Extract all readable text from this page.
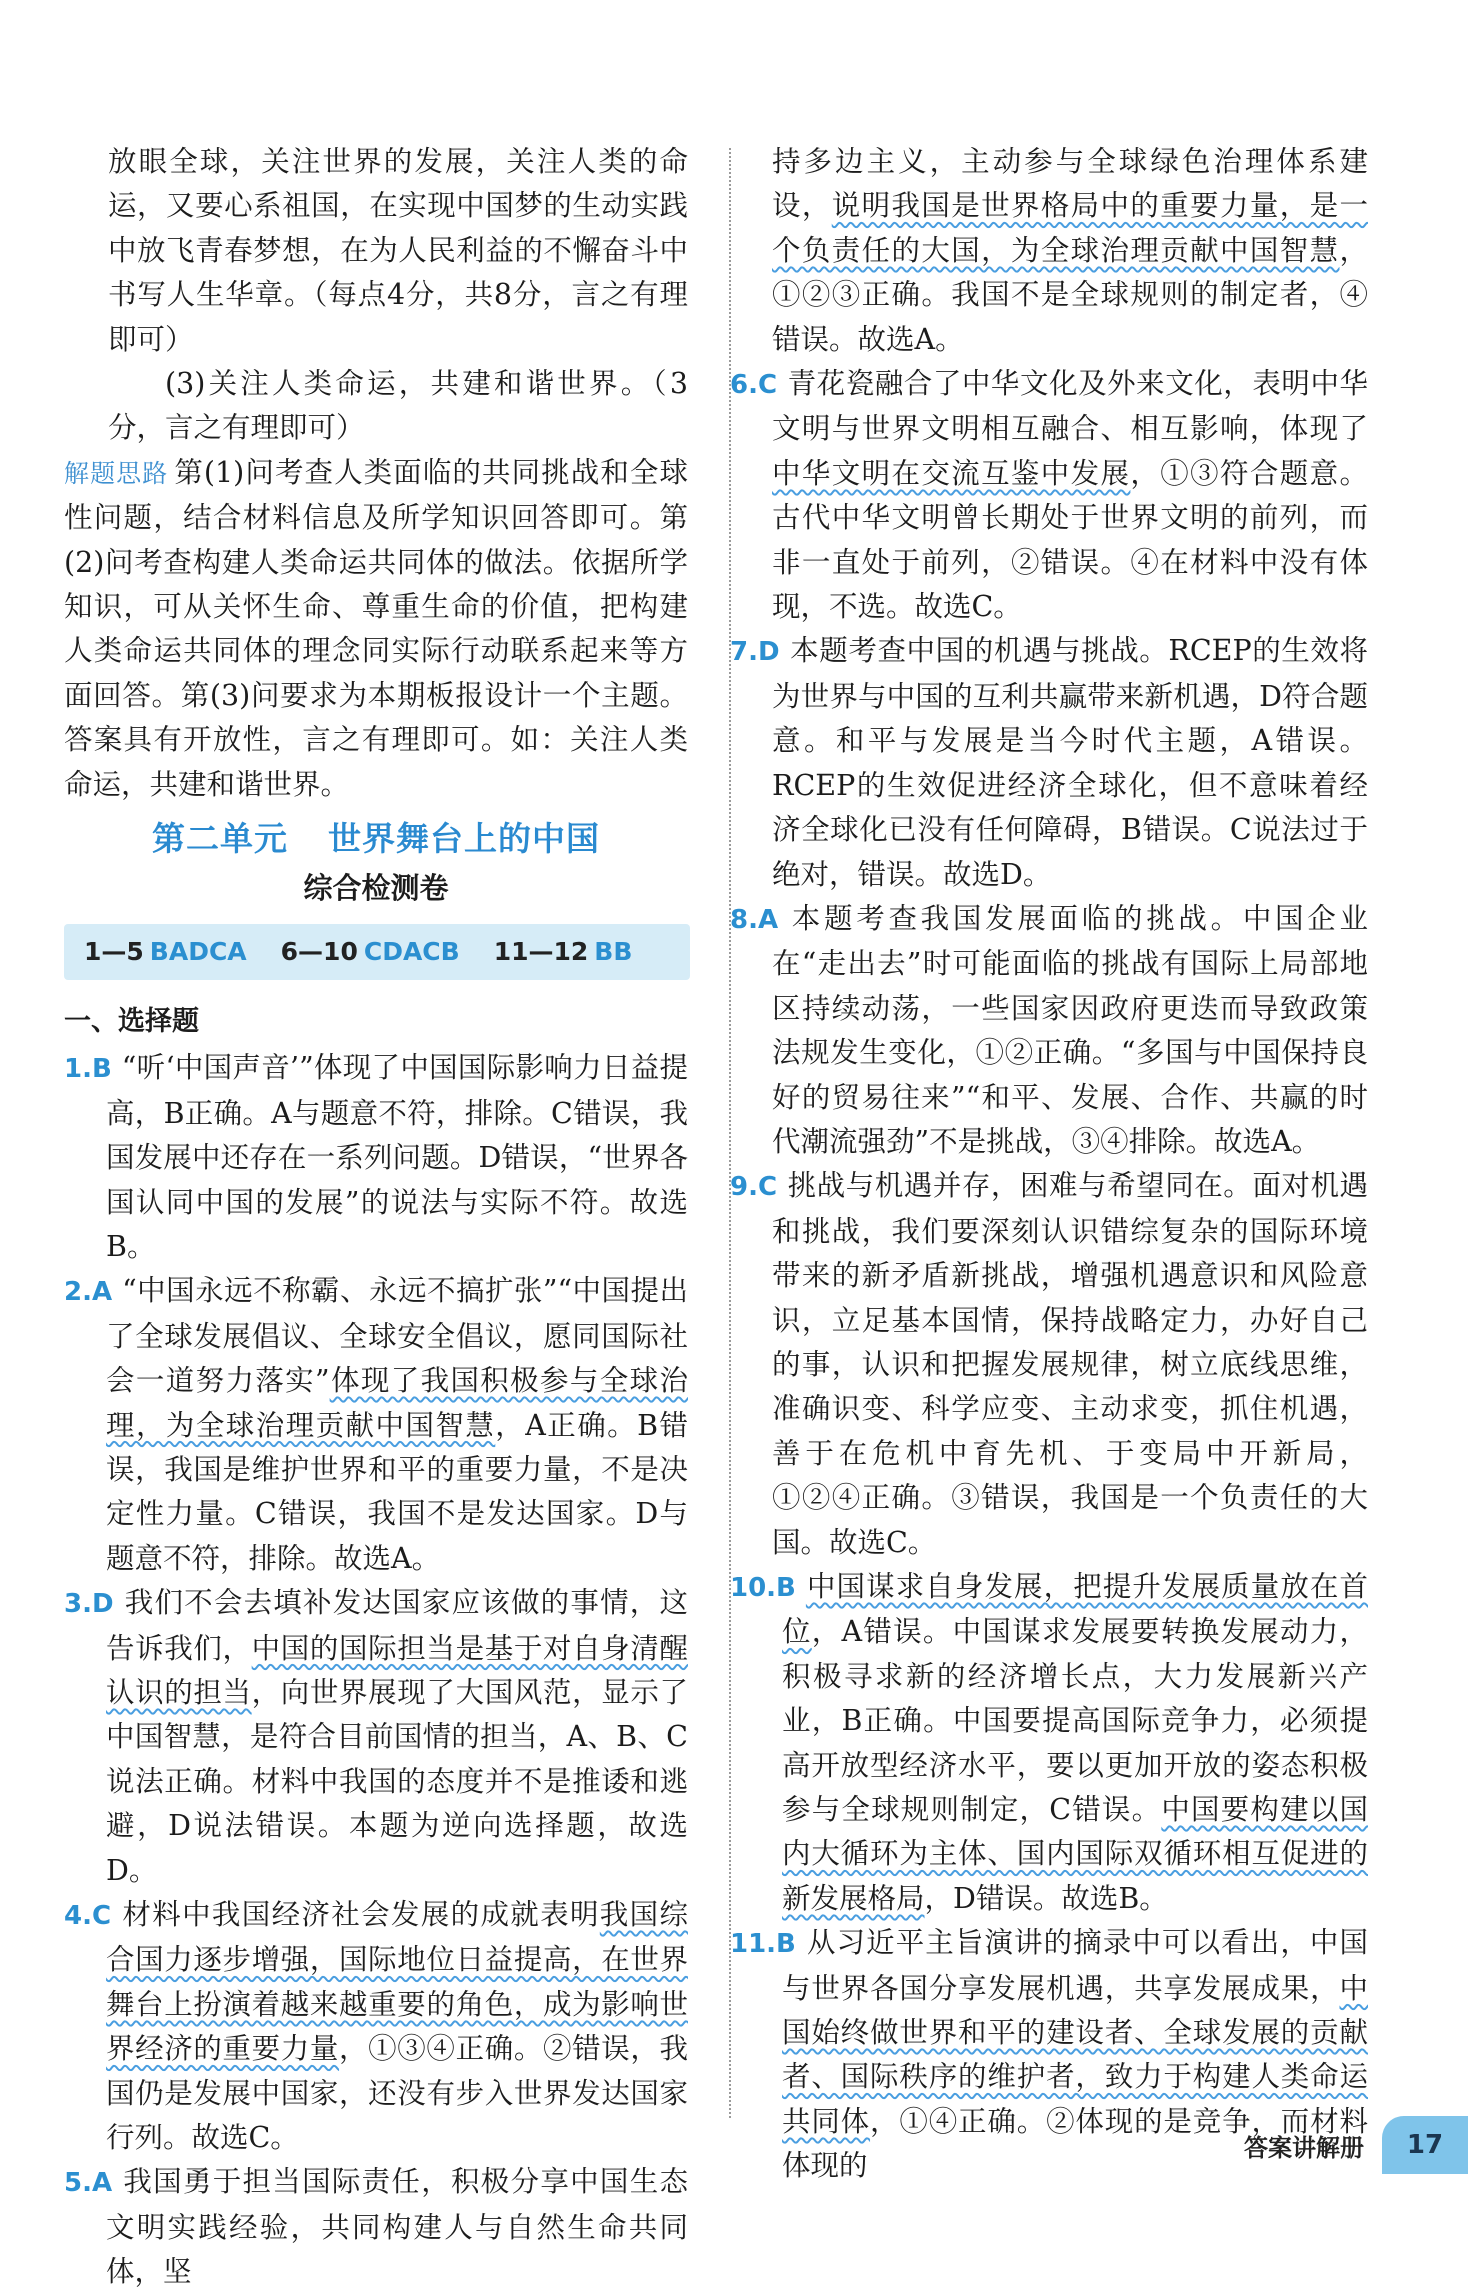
放眼全球，关注世界的发展，关注人类的命运，又要心系祖国，在实现中国梦的生动实践中放飞青春梦想，在为人民利益的不懈奋斗中书写人生华章。（每点4分，共8分，言之有理即可）

(3)关注人类命运，共建和谐世界。（3分，言之有理即可）

解题思路 第(1)问考查人类面临的共同挑战和全球性问题，结合材料信息及所学知识回答即可。第(2)问考查构建人类命运共同体的做法。依据所学知识，可从关怀生命、尊重生命的价值，把构建人类命运共同体的理念同实际行动联系起来等方面回答。第(3)问要求为本期板报设计一个主题。答案具有开放性，言之有理即可。如：关注人类命运，共建和谐世界。

第二单元 世界舞台上的中国
综合检测卷
1—5 BADCA 6—10 CDACB 11—12 BB
一、选择题

1.B “听‘中国声音’”体现了中国国际影响力日益提高，B正确。A与题意不符，排除。C错误，我国发展中还存在一系列问题。D错误，“世界各国认同中国的发展”的说法与实际不符。故选B。

2.A “中国永远不称霸、永远不搞扩张”“中国提出了全球发展倡议、全球安全倡议，愿同国际社会一道努力落实”体现了我国积极参与全球治理，为全球治理贡献中国智慧，A正确。B错误，我国是维护世界和平的重要力量，不是决定性力量。C错误，我国不是发达国家。D与题意不符，排除。故选A。

3.D 我们不会去填补发达国家应该做的事情，这告诉我们，中国的国际担当是基于对自身清醒认识的担当，向世界展现了大国风范，显示了中国智慧，是符合目前国情的担当，A、B、C说法正确。材料中我国的态度并不是推诿和逃避，D说法错误。本题为逆向选择题，故选D。

4.C 材料中我国经济社会发展的成就表明我国综合国力逐步增强，国际地位日益提高，在世界舞台上扮演着越来越重要的角色，成为影响世界经济的重要力量，①③④正确。②错误，我国仍是发展中国家，还没有步入世界发达国家行列。故选C。

5.A 我国勇于担当国际责任，积极分享中国生态文明实践经验，共同构建人与自然生命共同体，坚

持多边主义，主动参与全球绿色治理体系建设，说明我国是世界格局中的重要力量，是一个负责任的大国，为全球治理贡献中国智慧，①②③正确。我国不是全球规则的制定者，④错误。故选A。

6.C 青花瓷融合了中华文化及外来文化，表明中华文明与世界文明相互融合、相互影响，体现了中华文明在交流互鉴中发展，①③符合题意。古代中华文明曾长期处于世界文明的前列，而非一直处于前列，②错误。④在材料中没有体现，不选。故选C。

7.D 本题考查中国的机遇与挑战。RCEP的生效将为世界与中国的互利共赢带来新机遇，D符合题意。和平与发展是当今时代主题，A错误。RCEP的生效促进经济全球化，但不意味着经济全球化已没有任何障碍，B错误。C说法过于绝对，错误。故选D。

8.A 本题考查我国发展面临的挑战。中国企业在“走出去”时可能面临的挑战有国际上局部地区持续动荡，一些国家因政府更迭而导致政策法规发生变化，①②正确。“多国与中国保持良好的贸易往来”“和平、发展、合作、共赢的时代潮流强劲”不是挑战，③④排除。故选A。

9.C 挑战与机遇并存，困难与希望同在。面对机遇和挑战，我们要深刻认识错综复杂的国际环境带来的新矛盾新挑战，增强机遇意识和风险意识，立足基本国情，保持战略定力，办好自己的事，认识和把握发展规律，树立底线思维，准确识变、科学应变、主动求变，抓住机遇，善于在危机中育先机、于变局中开新局，①②④正确。③错误，我国是一个负责任的大国。故选C。

10.B 中国谋求自身发展，把提升发展质量放在首位，A错误。中国谋求发展要转换发展动力，积极寻求新的经济增长点，大力发展新兴产业，B正确。中国要提高国际竞争力，必须提高开放型经济水平，要以更加开放的姿态积极参与全球规则制定，C错误。中国要构建以国内大循环为主体、国内国际双循环相互促进的新发展格局，D错误。故选B。

11.B 从习近平主旨演讲的摘录中可以看出，中国与世界各国分享发展机遇，共享发展成果，中国始终做世界和平的建设者、全球发展的贡献者、国际秩序的维护者，致力于构建人类命运共同体，①④正确。②体现的是竞争，而材料体现的

答案讲解册	17
